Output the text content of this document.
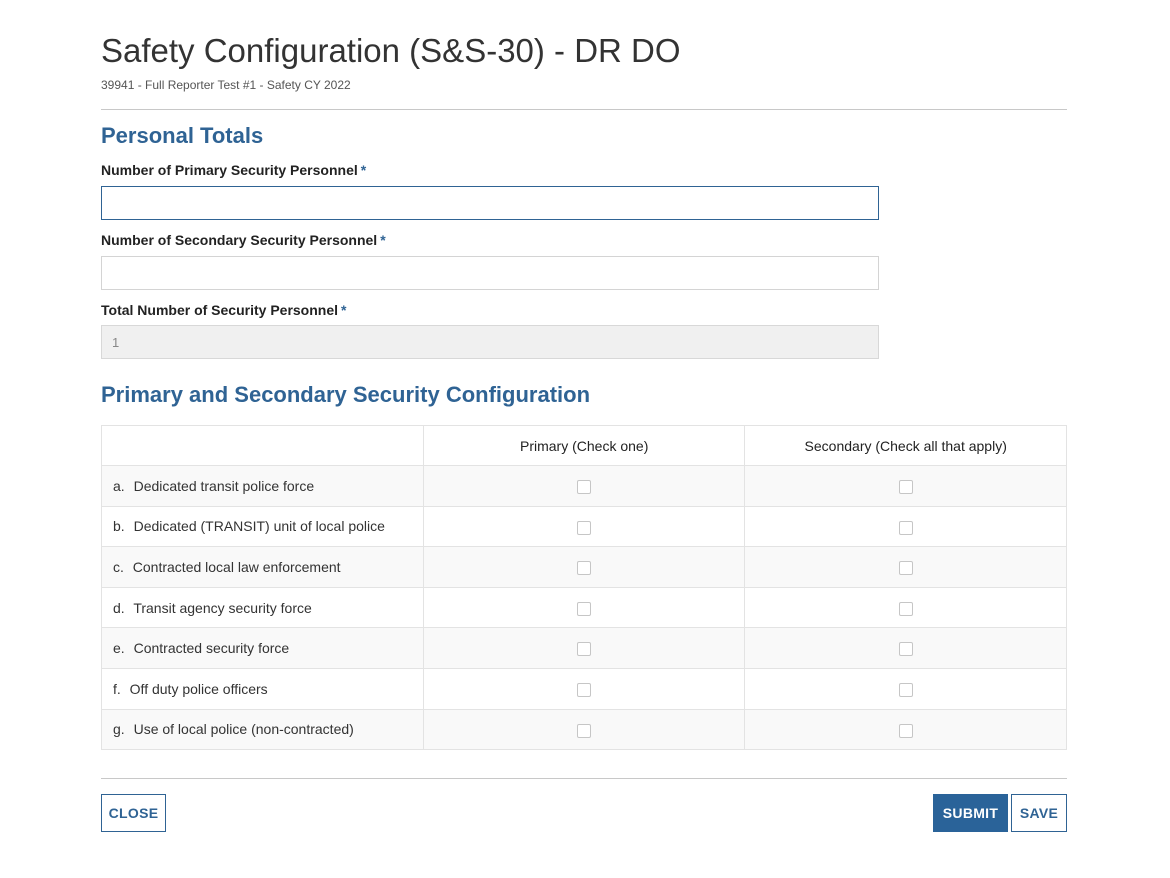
Safety Configuration (S&S-30) - DR DO
39941 - Full Reporter Test #1 - Safety CY 2022
Personal Totals
Number of Primary Security Personnel *
Number of Secondary Security Personnel *
Total Number of Security Personnel *
1
Primary and Secondary Security Configuration
	Primary (Check one)	Secondary (Check all that apply)
a. Dedicated transit police force		
b. Dedicated (TRANSIT) unit of local police		
c. Contracted local law enforcement		
d. Transit agency security force		
e. Contracted security force		
f. Off duty police officers		
g. Use of local police (non-contracted)		
CLOSE	SUBMIT	SAVE
